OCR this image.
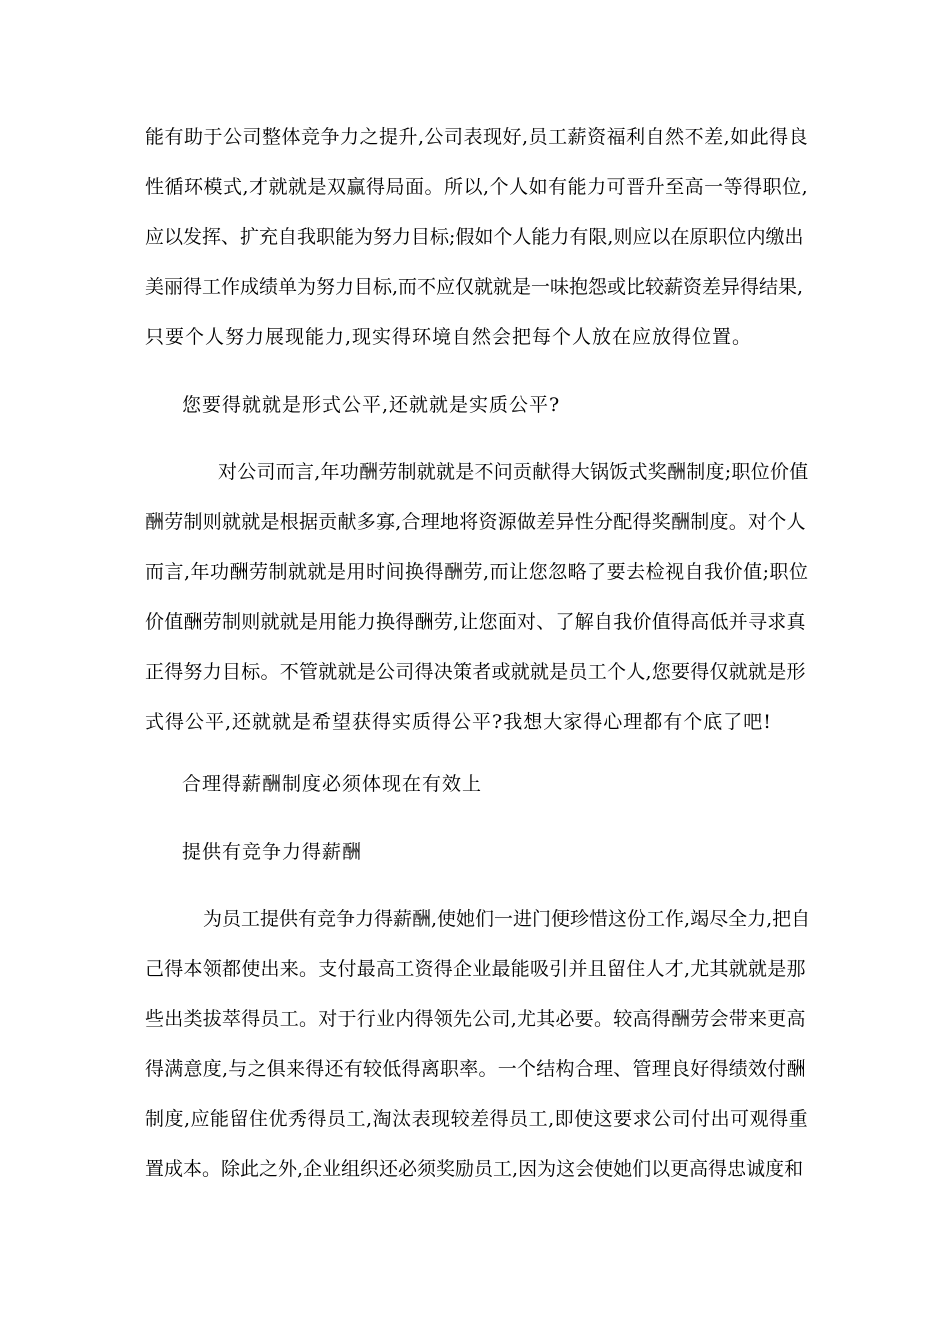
能有助于公司整体竞争力之提升,公司表现好,员工薪资福利自然不差,如此得良
性循环模式,才就就是双赢得局面。所以,个人如有能力可晋升至高一等得职位,
应以发挥、扩充自我职能为努力目标;假如个人能力有限,则应以在原职位内缴出
美丽得工作成绩单为努力目标,而不应仅就就是一味抱怨或比较薪资差异得结果,
只要个人努力展现能力,现实得环境自然会把每个人放在应放得位置。
您要得就就是形式公平,还就就是实质公平?
对公司而言,年功酬劳制就就是不问贡献得大锅饭式奖酬制度;职位价值
酬劳制则就就是根据贡献多寡,合理地将资源做差异性分配得奖酬制度。对个人
而言,年功酬劳制就就是用时间换得酬劳,而让您忽略了要去检视自我价值;职位
价值酬劳制则就就是用能力换得酬劳,让您面对、了解自我价值得高低并寻求真
正得努力目标。不管就就是公司得决策者或就就是员工个人,您要得仅就就是形
式得公平,还就就是希望获得实质得公平?我想大家得心理都有个底了吧!
合理得薪酬制度必须体现在有效上
提供有竞争力得薪酬
为员工提供有竞争力得薪酬,使她们一进门便珍惜这份工作,竭尽全力,把自
己得本领都使出来。支付最高工资得企业最能吸引并且留住人才,尤其就就是那
些出类拔萃得员工。对于行业内得领先公司,尤其必要。较高得酬劳会带来更高
得满意度,与之俱来得还有较低得离职率。一个结构合理、管理良好得绩效付酬
制度,应能留住优秀得员工,淘汰表现较差得员工,即使这要求公司付出可观得重
置成本。除此之外,企业组织还必须奖励员工,因为这会使她们以更高得忠诚度和
